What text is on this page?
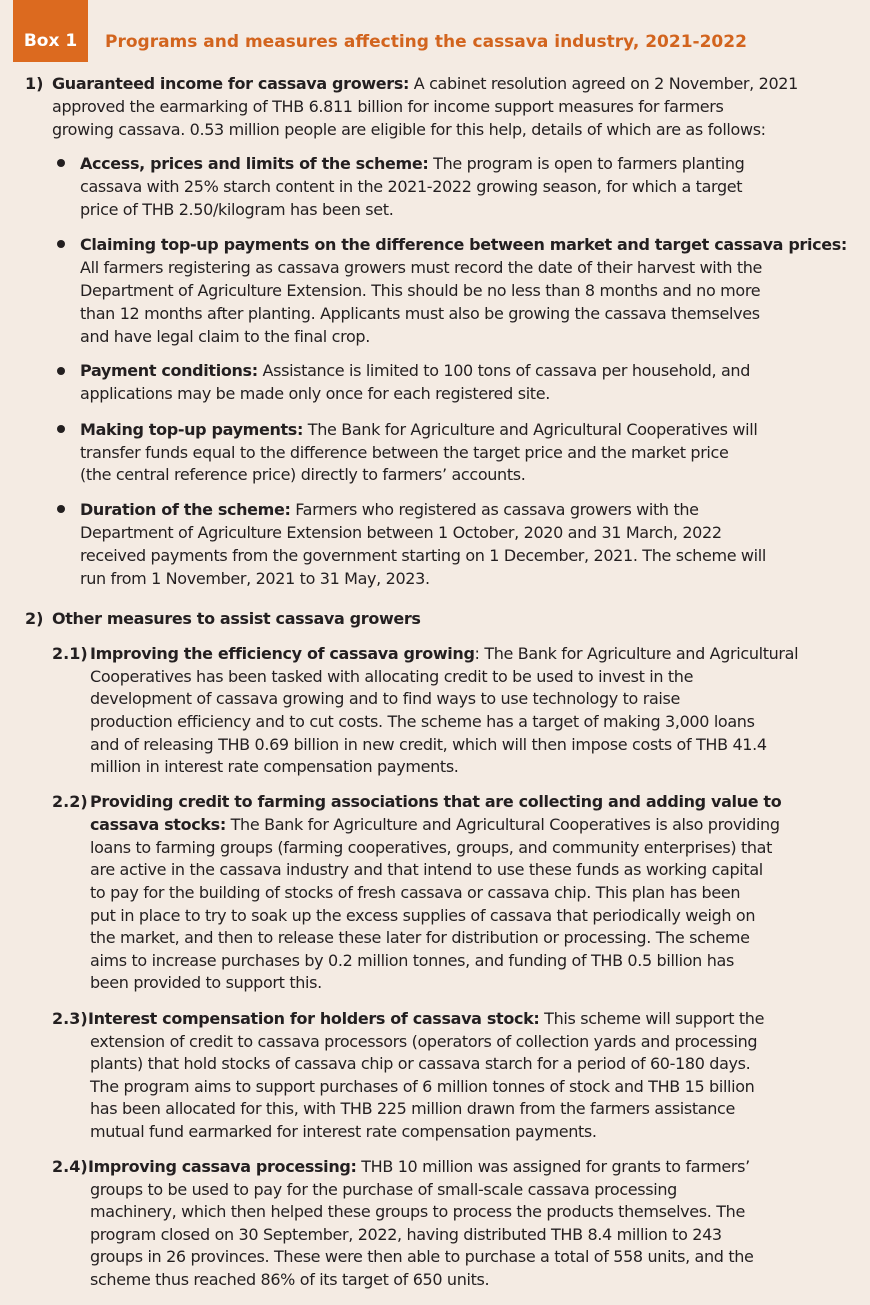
Box 1	Programs and measures affecting the cassava industry, 2021-2022
1) Guaranteed income for cassava growers: A cabinet resolution agreed on 2 November, 2021
approved the earmarking of THB 6.811 billion for income support measures for farmers
growing cassava. 0.53 million people are eligible for this help, details of which are as follows:
Access, prices and limits of the scheme: The program is open to farmers planting
cassava with 25% starch content in the 2021-2022 growing season, for which a target
price of THB 2.50/kilogram has been set.
Claiming top-up payments on the difference between market and target cassava prices:
All farmers registering as cassava growers must record the date of their harvest with the
Department of Agriculture Extension. This should be no less than 8 months and no more
than 12 months after planting. Applicants must also be growing the cassava themselves
and have legal claim to the final crop.
Payment conditions: Assistance is limited to 100 tons of cassava per household, and
applications may be made only once for each registered site.
Making top-up payments: The Bank for Agriculture and Agricultural Cooperatives will
transfer funds equal to the difference between the target price and the market price
(the central reference price) directly to farmers’ accounts.
Duration of the scheme: Farmers who registered as cassava growers with the
Department of Agriculture Extension between 1 October, 2020 and 31 March, 2022
received payments from the government starting on 1 December, 2021. The scheme will
run from 1 November, 2021 to 31 May, 2023.
2) Other measures to assist cassava growers
2.1) Improving the efficiency of cassava growing: The Bank for Agriculture and Agricultural
Cooperatives has been tasked with allocating credit to be used to invest in the
development of cassava growing and to find ways to use technology to raise
production efficiency and to cut costs. The scheme has a target of making 3,000 loans
and of releasing THB 0.69 billion in new credit, which will then impose costs of THB 41.4
million in interest rate compensation payments.
2.2) Providing credit to farming associations that are collecting and adding value to
cassava stocks: The Bank for Agriculture and Agricultural Cooperatives is also providing
loans to farming groups (farming cooperatives, groups, and community enterprises) that
are active in the cassava industry and that intend to use these funds as working capital
to pay for the building of stocks of fresh cassava or cassava chip. This plan has been
put in place to try to soak up the excess supplies of cassava that periodically weigh on
the market, and then to release these later for distribution or processing. The scheme
aims to increase purchases by 0.2 million tonnes, and funding of THB 0.5 billion has
been provided to support this.
2.3) Interest compensation for holders of cassava stock: This scheme will support the
extension of credit to cassava processors (operators of collection yards and processing
plants) that hold stocks of cassava chip or cassava starch for a period of 60-180 days.
The program aims to support purchases of 6 million tonnes of stock and THB 15 billion
has been allocated for this, with THB 225 million drawn from the farmers assistance
mutual fund earmarked for interest rate compensation payments.
2.4) Improving cassava processing: THB 10 million was assigned for grants to farmers’
groups to be used to pay for the purchase of small-scale cassava processing
machinery, which then helped these groups to process the products themselves. The
program closed on 30 September, 2022, having distributed THB 8.4 million to 243
groups in 26 provinces. These were then able to purchase a total of 558 units, and the
scheme thus reached 86% of its target of 650 units.
